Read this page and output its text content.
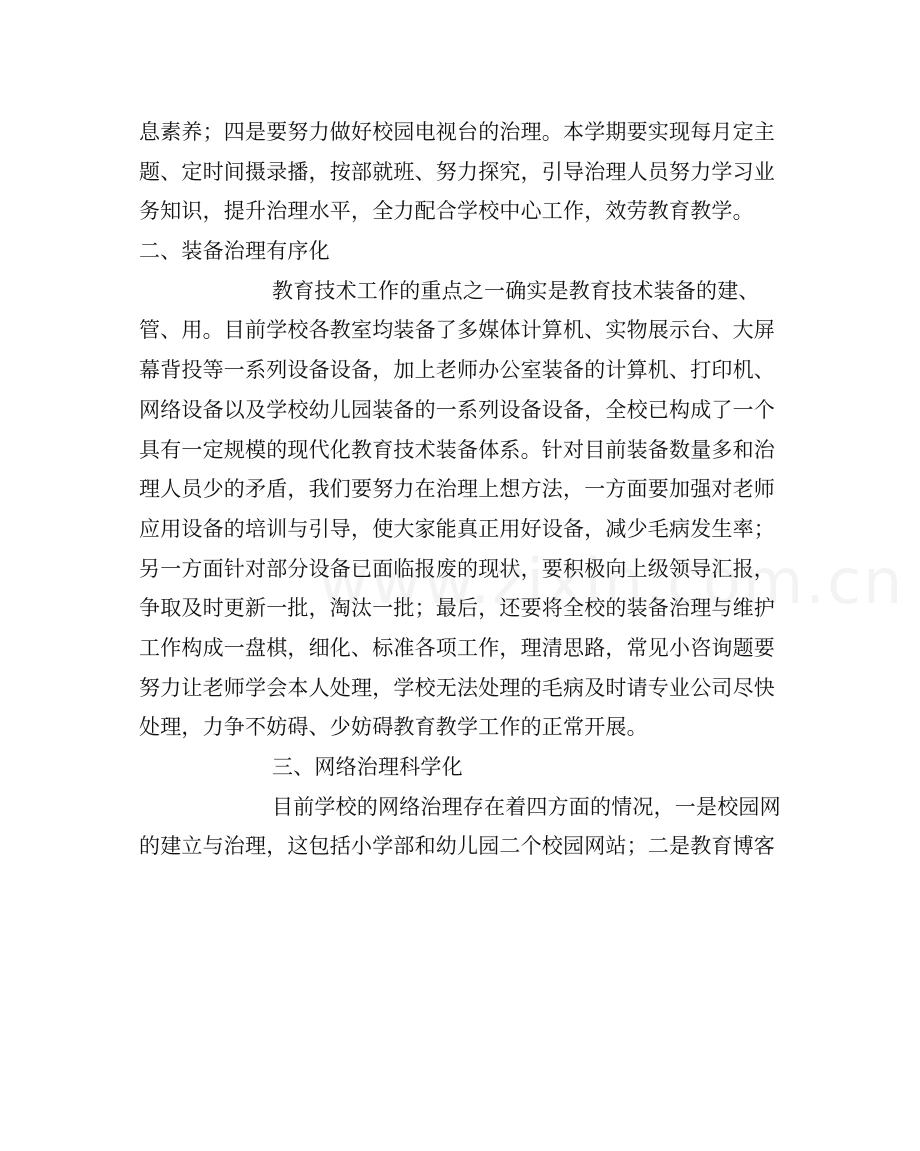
息素养；四是要努力做好校园电视台的治理。本学期要实现每月定主
题、定时间摄录播，按部就班、努力探究，引导治理人员努力学习业
务知识，提升治理水平，全力配合学校中心工作，效劳教育教学。
二、装备治理有序化
教育技术工作的重点之一确实是教育技术装备的建、
管、用。目前学校各教室均装备了多媒体计算机、实物展示台、大屏
幕背投等一系列设备设备，加上老师办公室装备的计算机、打印机、
网络设备以及学校幼儿园装备的一系列设备设备，全校已构成了一个
具有一定规模的现代化教育技术装备体系。针对目前装备数量多和治
理人员少的矛盾，我们要努力在治理上想方法，一方面要加强对老师
应用设备的培训与引导，使大家能真正用好设备，减少毛病发生率；
另一方面针对部分设备已面临报废的现状，要积极向上级领导汇报，
争取及时更新一批，淘汰一批；最后，还要将全校的装备治理与维护
工作构成一盘棋，细化、标准各项工作，理清思路，常见小咨询题要
努力让老师学会本人处理，学校无法处理的毛病及时请专业公司尽快
处理，力争不妨碍、少妨碍教育教学工作的正常开展。
三、网络治理科学化
目前学校的网络治理存在着四方面的情况，一是校园网
的建立与治理，这包括小学部和幼儿园二个校园网站；二是教育博客
